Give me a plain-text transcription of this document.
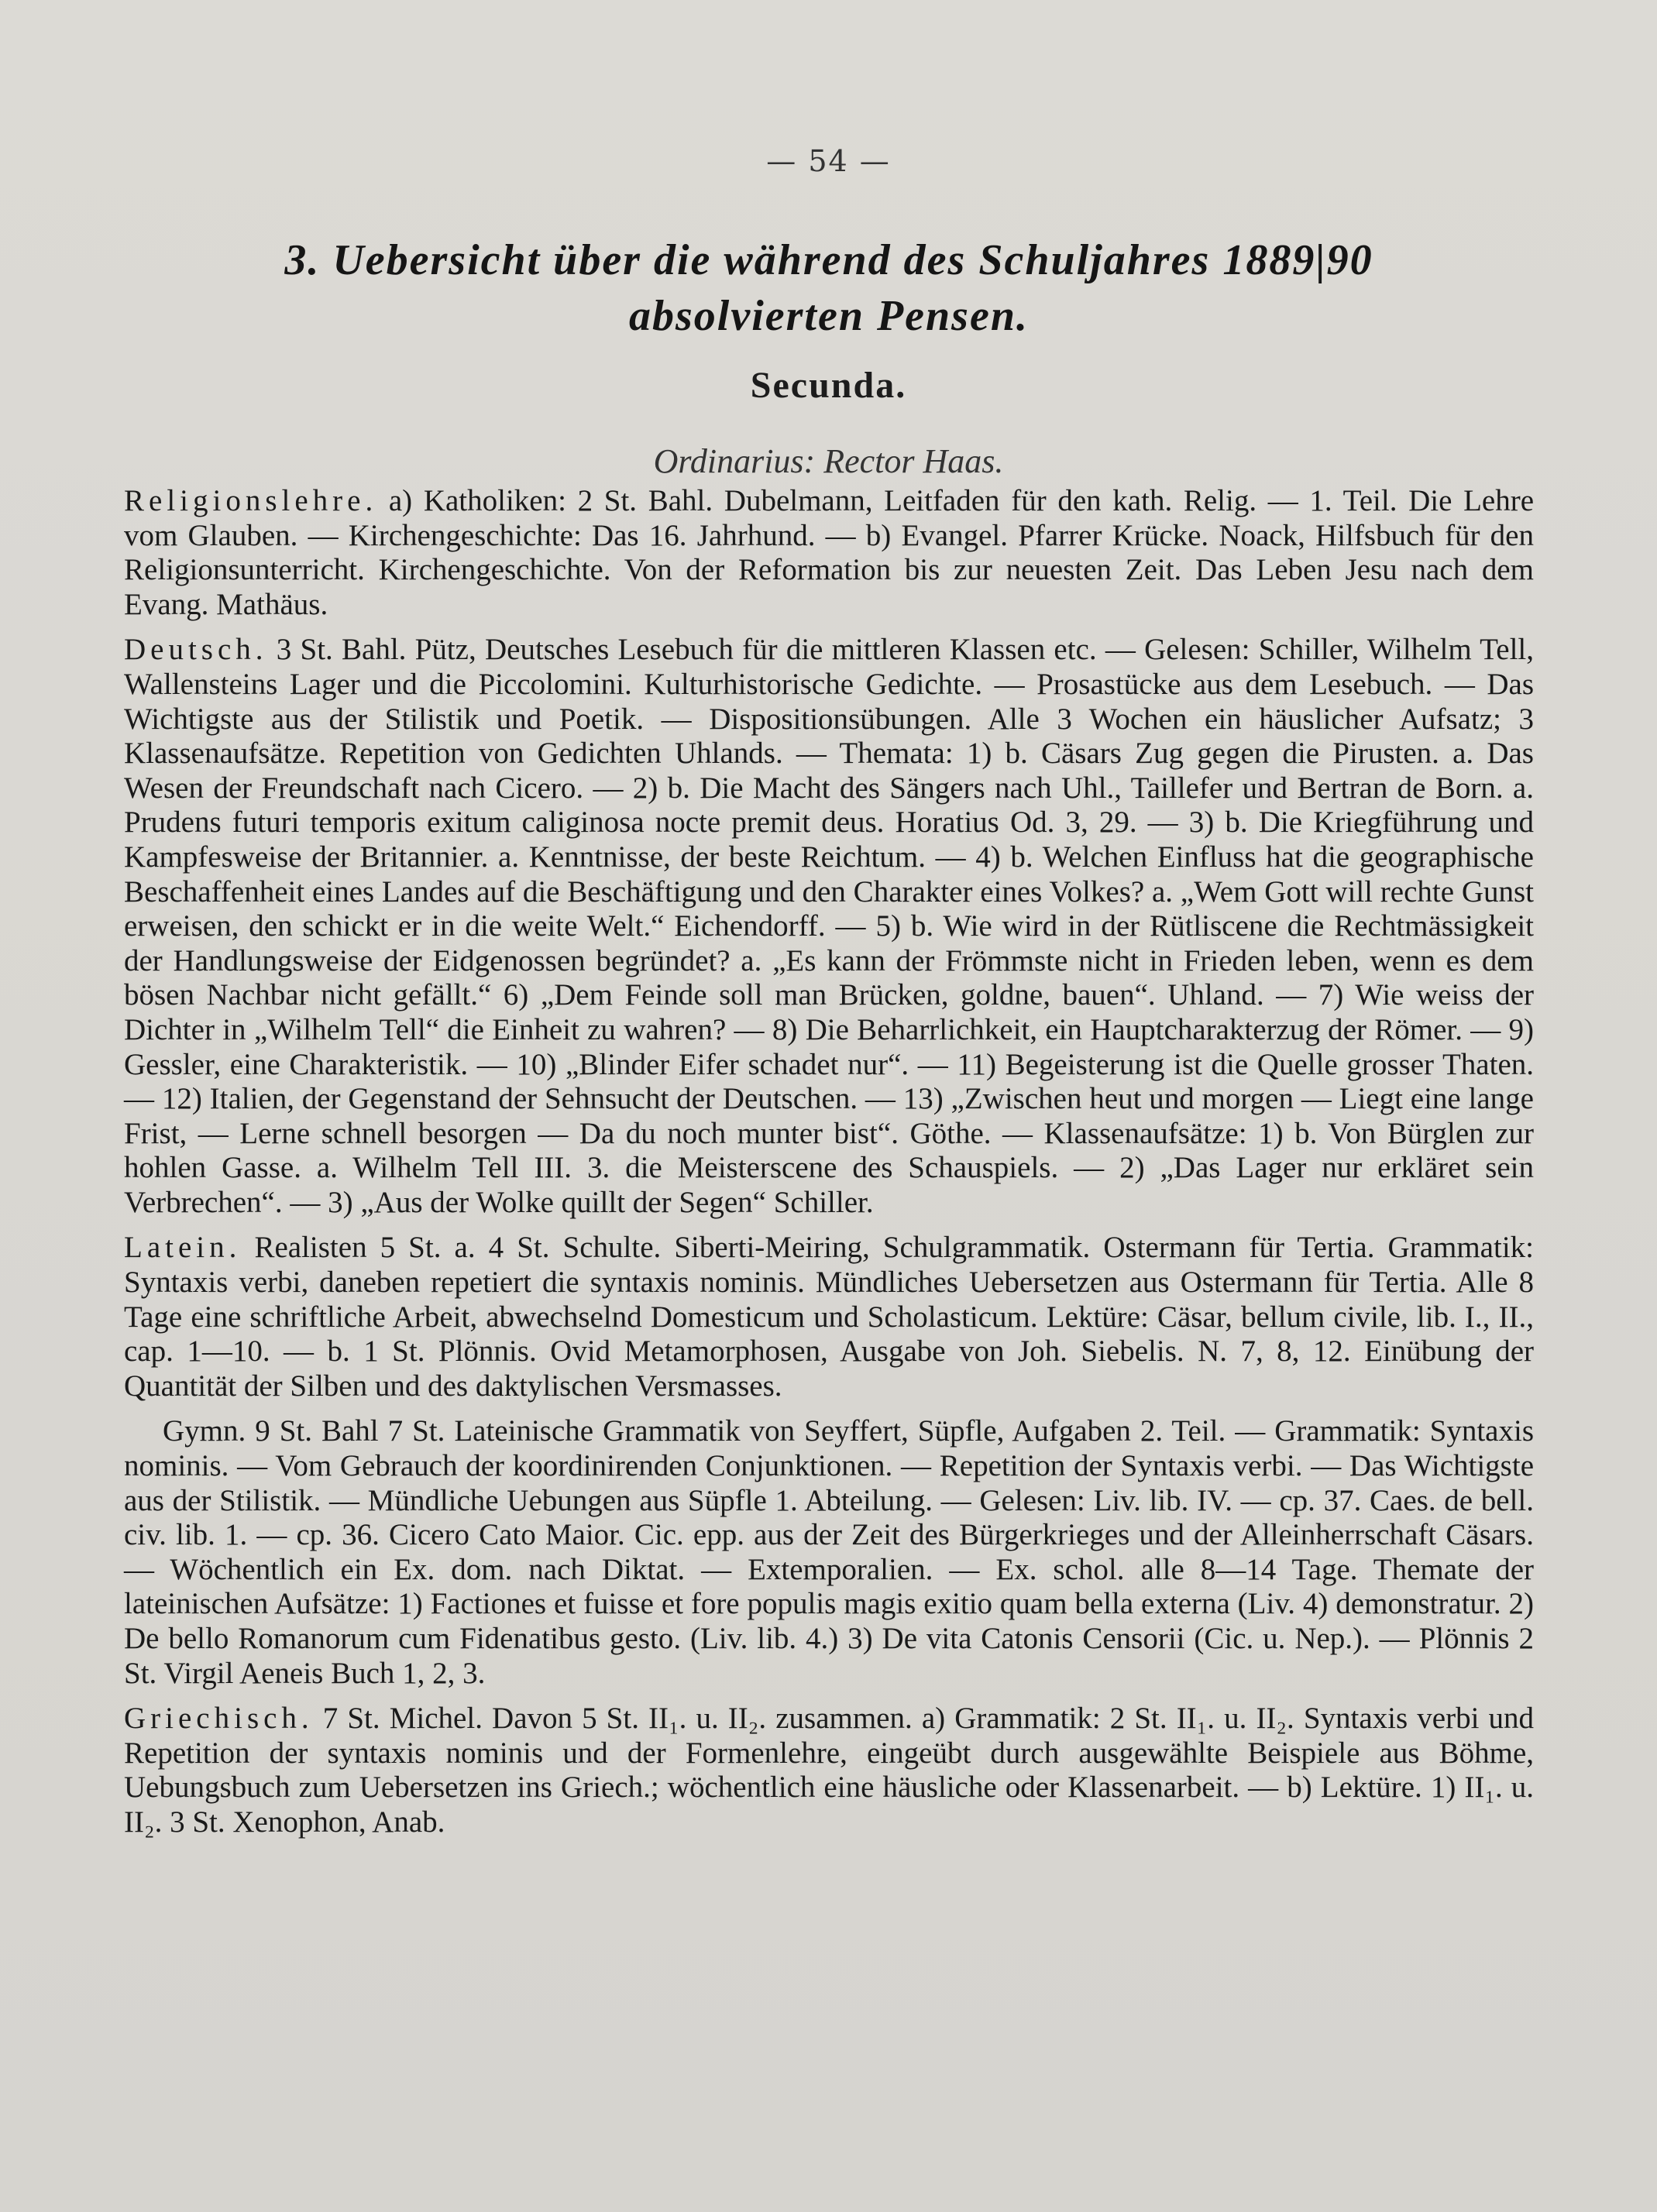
— 54 —
3. Uebersicht über die während des Schuljahres 1889|90
absolvierten Pensen.
Secunda.
Ordinarius: Rector Haas.

Religionslehre. a) Katholiken: 2 St. Bahl. Dubelmann, Leitfaden für den kath. Relig. — 1. Teil. Die Lehre vom Glauben. — Kirchengeschichte: Das 16. Jahrhund. — b) Evangel. Pfarrer Krücke. Noack, Hilfsbuch für den Religionsunterricht. Kirchengeschichte. Von der Reformation bis zur neuesten Zeit. Das Leben Jesu nach dem Evang. Mathäus.

Deutsch. 3 St. Bahl. Pütz, Deutsches Lesebuch für die mittleren Klassen etc. — Gelesen: Schiller, Wilhelm Tell, Wallensteins Lager und die Piccolomini. Kulturhistorische Gedichte. — Prosastücke aus dem Lesebuch. — Das Wichtigste aus der Stilistik und Poetik. — Dispositionsübungen. Alle 3 Wochen ein häuslicher Aufsatz; 3 Klassenaufsätze. Repetition von Gedichten Uhlands. — Themata: 1) b. Cäsars Zug gegen die Pirusten. a. Das Wesen der Freundschaft nach Cicero. — 2) b. Die Macht des Sängers nach Uhl., Taillefer und Bertran de Born. a. Prudens futuri temporis exitum caliginosa nocte premit deus. Horatius Od. 3, 29. — 3) b. Die Kriegführung und Kampfesweise der Britannier. a. Kenntnisse, der beste Reichtum. — 4) b. Welchen Einfluss hat die geographische Beschaffenheit eines Landes auf die Beschäftigung und den Charakter eines Volkes? a. „Wem Gott will rechte Gunst erweisen, den schickt er in die weite Welt.“ Eichendorff. — 5) b. Wie wird in der Rütliscene die Rechtmässigkeit der Handlungsweise der Eidgenossen begründet? a. „Es kann der Frömmste nicht in Frieden leben, wenn es dem bösen Nachbar nicht gefällt.“ 6) „Dem Feinde soll man Brücken, goldne, bauen“. Uhland. — 7) Wie weiss der Dichter in „Wilhelm Tell“ die Einheit zu wahren? — 8) Die Beharrlichkeit, ein Hauptcharakterzug der Römer. — 9) Gessler, eine Charakteristik. — 10) „Blinder Eifer schadet nur“. — 11) Begeisterung ist die Quelle grosser Thaten. — 12) Italien, der Gegenstand der Sehnsucht der Deutschen. — 13) „Zwischen heut und morgen — Liegt eine lange Frist, — Lerne schnell besorgen — Da du noch munter bist“. Göthe. — Klassenaufsätze: 1) b. Von Bürglen zur hohlen Gasse. a. Wilhelm Tell III. 3. die Meisterscene des Schauspiels. — 2) „Das Lager nur erkläret sein Verbrechen“. — 3) „Aus der Wolke quillt der Segen“ Schiller.

Latein. Realisten 5 St. a. 4 St. Schulte. Siberti-Meiring, Schulgrammatik. Ostermann für Tertia. Grammatik: Syntaxis verbi, daneben repetiert die syntaxis nominis. Mündliches Uebersetzen aus Ostermann für Tertia. Alle 8 Tage eine schriftliche Arbeit, abwechselnd Domesticum und Scholasticum. Lektüre: Cäsar, bellum civile, lib. I., II., cap. 1—10. — b. 1 St. Plönnis. Ovid Metamorphosen, Ausgabe von Joh. Siebelis. N. 7, 8, 12. Einübung der Quantität der Silben und des daktylischen Versmasses.

Gymn. 9 St. Bahl 7 St. Lateinische Grammatik von Seyffert, Süpfle, Aufgaben 2. Teil. — Grammatik: Syntaxis nominis. — Vom Gebrauch der koordinirenden Conjunktionen. — Repetition der Syntaxis verbi. — Das Wichtigste aus der Stilistik. — Mündliche Uebungen aus Süpfle 1. Abteilung. — Gelesen: Liv. lib. IV. — cp. 37. Caes. de bell. civ. lib. 1. — cp. 36. Cicero Cato Maior. Cic. epp. aus der Zeit des Bürgerkrieges und der Alleinherrschaft Cäsars. — Wöchentlich ein Ex. dom. nach Diktat. — Extemporalien. — Ex. schol. alle 8—14 Tage. Themate der lateinischen Aufsätze: 1) Factiones et fuisse et fore populis magis exitio quam bella externa (Liv. 4) demonstratur. 2) De bello Romanorum cum Fidenatibus gesto. (Liv. lib. 4.) 3) De vita Catonis Censorii (Cic. u. Nep.). — Plönnis 2 St. Virgil Aeneis Buch 1, 2, 3.

Griechisch. 7 St. Michel. Davon 5 St. II₁. u. II₂. zusammen. a) Grammatik: 2 St. II₁. u. II₂. Syntaxis verbi und Repetition der syntaxis nominis und der Formenlehre, eingeübt durch ausgewählte Beispiele aus Böhme, Uebungsbuch zum Uebersetzen ins Griech.; wöchentlich eine häusliche oder Klassenarbeit. — b) Lektüre. 1) II₁. u. II₂. 3 St. Xenophon, Anab.
